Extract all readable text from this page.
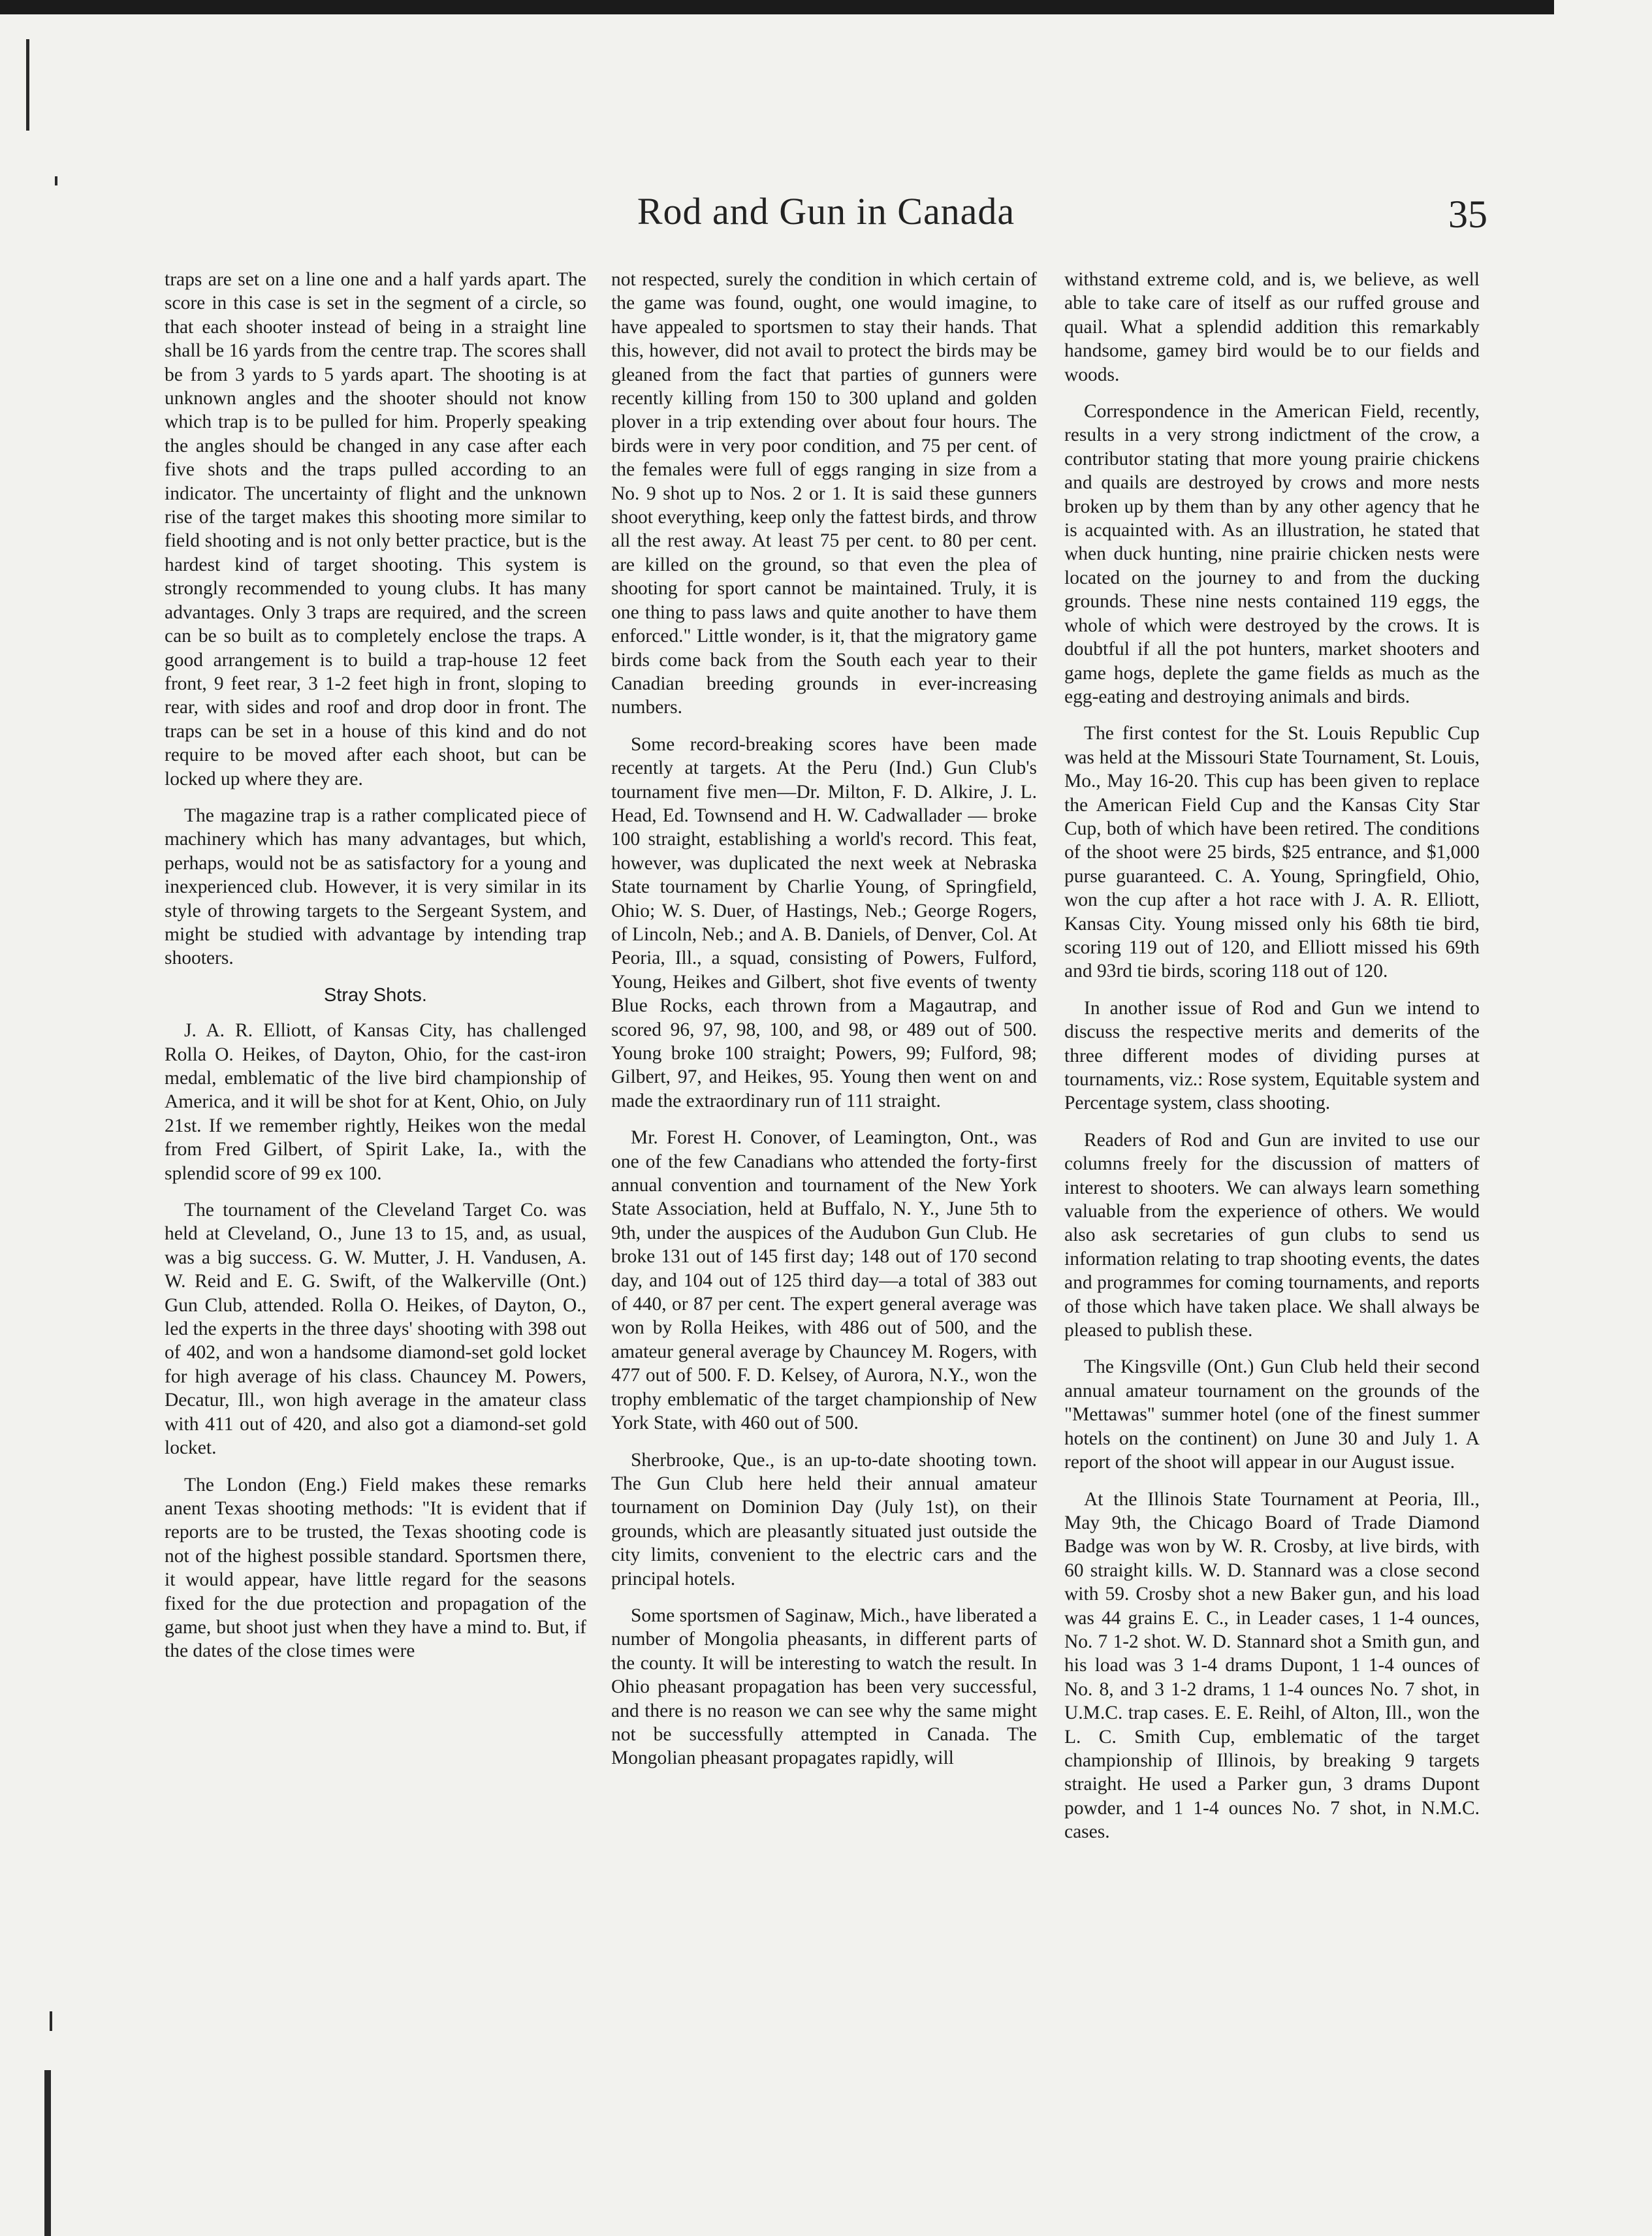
Rod and Gun in Canada	35

traps are set on a line one and a half yards apart. The score in this case is set in the segment of a circle, so that each shooter instead of being in a straight line shall be 16 yards from the centre trap. The scores shall be from 3 yards to 5 yards apart. The shooting is at unknown angles and the shooter should not know which trap is to be pulled for him. Properly speaking the angles should be changed in any case after each five shots and the traps pulled according to an indicator. The uncertainty of flight and the unknown rise of the target makes this shooting more similar to field shooting and is not only better practice, but is the hardest kind of target shooting. This system is strongly recommended to young clubs. It has many advantages. Only 3 traps are required, and the screen can be so built as to completely enclose the traps. A good arrangement is to build a trap-house 12 feet front, 9 feet rear, 3 1-2 feet high in front, sloping to rear, with sides and roof and drop door in front. The traps can be set in a house of this kind and do not require to be moved after each shoot, but can be locked up where they are.

The magazine trap is a rather complicated piece of machinery which has many advantages, but which, perhaps, would not be as satisfactory for a young and inexperienced club. However, it is very similar in its style of throwing targets to the Sergeant System, and might be studied with advantage by intending trap shooters.

Stray Shots.

J. A. R. Elliott, of Kansas City, has challenged Rolla O. Heikes, of Dayton, Ohio, for the cast-iron medal, emblematic of the live bird championship of America, and it will be shot for at Kent, Ohio, on July 21st. If we remember rightly, Heikes won the medal from Fred Gilbert, of Spirit Lake, Ia., with the splendid score of 99 ex 100.

The tournament of the Cleveland Target Co. was held at Cleveland, O., June 13 to 15, and, as usual, was a big success. G. W. Mutter, J. H. Vandusen, A. W. Reid and E. G. Swift, of the Walkerville (Ont.) Gun Club, attended. Rolla O. Heikes, of Dayton, O., led the experts in the three days' shooting with 398 out of 402, and won a handsome diamond-set gold locket for high average of his class. Chauncey M. Powers, Decatur, Ill., won high average in the amateur class with 411 out of 420, and also got a diamond-set gold locket.

The London (Eng.) Field makes these remarks anent Texas shooting methods: "It is evident that if reports are to be trusted, the Texas shooting code is not of the highest possible standard. Sportsmen there, it would appear, have little regard for the seasons fixed for the due protection and propagation of the game, but shoot just when they have a mind to. But, if the dates of the close times were

not respected, surely the condition in which certain of the game was found, ought, one would imagine, to have appealed to sportsmen to stay their hands. That this, however, did not avail to protect the birds may be gleaned from the fact that parties of gunners were recently killing from 150 to 300 upland and golden plover in a trip extending over about four hours. The birds were in very poor condition, and 75 per cent. of the females were full of eggs ranging in size from a No. 9 shot up to Nos. 2 or 1. It is said these gunners shoot everything, keep only the fattest birds, and throw all the rest away. At least 75 per cent. to 80 per cent. are killed on the ground, so that even the plea of shooting for sport cannot be maintained. Truly, it is one thing to pass laws and quite another to have them enforced." Little wonder, is it, that the migratory game birds come back from the South each year to their Canadian breeding grounds in ever-increasing numbers.

Some record-breaking scores have been made recently at targets. At the Peru (Ind.) Gun Club's tournament five men—Dr. Milton, F. D. Alkire, J. L. Head, Ed. Townsend and H. W. Cadwallader — broke 100 straight, establishing a world's record. This feat, however, was duplicated the next week at Nebraska State tournament by Charlie Young, of Springfield, Ohio; W. S. Duer, of Hastings, Neb.; George Rogers, of Lincoln, Neb.; and A. B. Daniels, of Denver, Col. At Peoria, Ill., a squad, consisting of Powers, Fulford, Young, Heikes and Gilbert, shot five events of twenty Blue Rocks, each thrown from a Magautrap, and scored 96, 97, 98, 100, and 98, or 489 out of 500. Young broke 100 straight; Powers, 99; Fulford, 98; Gilbert, 97, and Heikes, 95. Young then went on and made the extraordinary run of 111 straight.

Mr. Forest H. Conover, of Leamington, Ont., was one of the few Canadians who attended the forty-first annual convention and tournament of the New York State Association, held at Buffalo, N. Y., June 5th to 9th, under the auspices of the Audubon Gun Club. He broke 131 out of 145 first day; 148 out of 170 second day, and 104 out of 125 third day—a total of 383 out of 440, or 87 per cent. The expert general average was won by Rolla Heikes, with 486 out of 500, and the amateur general average by Chauncey M. Rogers, with 477 out of 500. F. D. Kelsey, of Aurora, N.Y., won the trophy emblematic of the target championship of New York State, with 460 out of 500.

Sherbrooke, Que., is an up-to-date shooting town. The Gun Club here held their annual amateur tournament on Dominion Day (July 1st), on their grounds, which are pleasantly situated just outside the city limits, convenient to the electric cars and the principal hotels.

Some sportsmen of Saginaw, Mich., have liberated a number of Mongolia pheasants, in different parts of the county. It will be interesting to watch the result. In Ohio pheasant propagation has been very successful, and there is no reason we can see why the same might not be successfully attempted in Canada. The Mongolian pheasant propagates rapidly, will

withstand extreme cold, and is, we believe, as well able to take care of itself as our ruffed grouse and quail. What a splendid addition this remarkably handsome, gamey bird would be to our fields and woods.

Correspondence in the American Field, recently, results in a very strong indictment of the crow, a contributor stating that more young prairie chickens and quails are destroyed by crows and more nests broken up by them than by any other agency that he is acquainted with. As an illustration, he stated that when duck hunting, nine prairie chicken nests were located on the journey to and from the ducking grounds. These nine nests contained 119 eggs, the whole of which were destroyed by the crows. It is doubtful if all the pot hunters, market shooters and game hogs, deplete the game fields as much as the egg-eating and destroying animals and birds.

The first contest for the St. Louis Republic Cup was held at the Missouri State Tournament, St. Louis, Mo., May 16-20. This cup has been given to replace the American Field Cup and the Kansas City Star Cup, both of which have been retired. The conditions of the shoot were 25 birds, $25 entrance, and $1,000 purse guaranteed. C. A. Young, Springfield, Ohio, won the cup after a hot race with J. A. R. Elliott, Kansas City. Young missed only his 68th tie bird, scoring 119 out of 120, and Elliott missed his 69th and 93rd tie birds, scoring 118 out of 120.

In another issue of Rod and Gun we intend to discuss the respective merits and demerits of the three different modes of dividing purses at tournaments, viz.: Rose system, Equitable system and Percentage system, class shooting.

Readers of Rod and Gun are invited to use our columns freely for the discussion of matters of interest to shooters. We can always learn something valuable from the experience of others. We would also ask secretaries of gun clubs to send us information relating to trap shooting events, the dates and programmes for coming tournaments, and reports of those which have taken place. We shall always be pleased to publish these.

The Kingsville (Ont.) Gun Club held their second annual amateur tournament on the grounds of the "Mettawas" summer hotel (one of the finest summer hotels on the continent) on June 30 and July 1. A report of the shoot will appear in our August issue.

At the Illinois State Tournament at Peoria, Ill., May 9th, the Chicago Board of Trade Diamond Badge was won by W. R. Crosby, at live birds, with 60 straight kills. W. D. Stannard was a close second with 59. Crosby shot a new Baker gun, and his load was 44 grains E. C., in Leader cases, 1 1-4 ounces, No. 7 1-2 shot. W. D. Stannard shot a Smith gun, and his load was 3 1-4 drams Dupont, 1 1-4 ounces of No. 8, and 3 1-2 drams, 1 1-4 ounces No. 7 shot, in U.M.C. trap cases. E. E. Reihl, of Alton, Ill., won the L. C. Smith Cup, emblematic of the target championship of Illinois, by breaking 9 targets straight. He used a Parker gun, 3 drams Dupont powder, and 1 1-4 ounces No. 7 shot, in N.M.C. cases.
